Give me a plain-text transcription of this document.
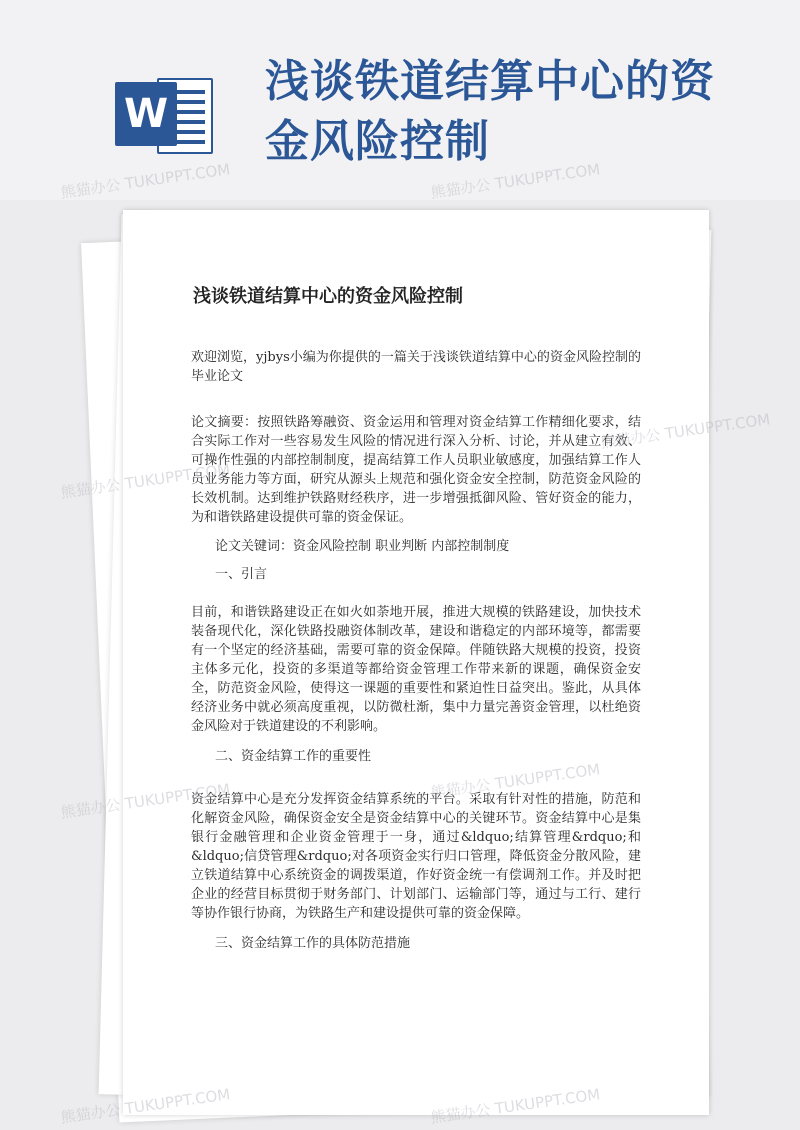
W
浅谈铁道结算中心的资金风险控制
浅谈铁道结算中心的资金风险控制
欢迎浏览，yjbys小编为你提供的一篇关于浅谈铁道结算中心的资金风险控制的毕业论文
论文摘要：按照铁路筹融资、资金运用和管理对资金结算工作精细化要求，结合实际工作对一些容易发生风险的情况进行深入分析、讨论，并从建立有效、可操作性强的内部控制制度，提高结算工作人员职业敏感度，加强结算工作人员业务能力等方面，研究从源头上规范和强化资金安全控制，防范资金风险的长效机制。达到维护铁路财经秩序，进一步增强抵御风险、管好资金的能力，为和谐铁路建设提供可靠的资金保证。
论文关键词：资金风险控制 职业判断 内部控制制度
一、引言
目前，和谐铁路建设正在如火如荼地开展，推进大规模的铁路建设，加快技术装备现代化，深化铁路投融资体制改革，建设和谐稳定的内部环境等，都需要有一个坚定的经济基础，需要可靠的资金保障。伴随铁路大规模的投资，投资主体多元化，投资的多渠道等都给资金管理工作带来新的课题，确保资金安全，防范资金风险，使得这一课题的重要性和紧迫性日益突出。鉴此，从具体经济业务中就必须高度重视，以防微杜渐，集中力量完善资金管理，以杜绝资金风险对于铁道建设的不利影响。
二、资金结算工作的重要性
资金结算中心是充分发挥资金结算系统的平台。采取有针对性的措施，防范和化解资金风险，确保资金安全是资金结算中心的关键环节。资金结算中心是集银行金融管理和企业资金管理于一身，通过&ldquo;结算管理&rdquo;和&ldquo;信贷管理&rdquo;对各项资金实行归口管理，降低资金分散风险，建立铁道结算中心系统资金的调拨渠道，作好资金统一有偿调剂工作。并及时把企业的经营目标贯彻于财务部门、计划部门、运输部门等，通过与工行、建行等协作银行协商，为铁路生产和建设提供可靠的资金保障。
三、资金结算工作的具体防范措施
熊猫办公 TUKUPPT.COM	熊猫办公 TUKUPPT.COM
熊猫办公 TUKUPPT.COM
熊猫办公 TUKUPPT.COM
熊猫办公 TUKUPPT.COM	熊猫办公 TUKUPPT.COM
熊猫办公 TUKUPPT.COM	熊猫办公 TUKUPPT.COM
